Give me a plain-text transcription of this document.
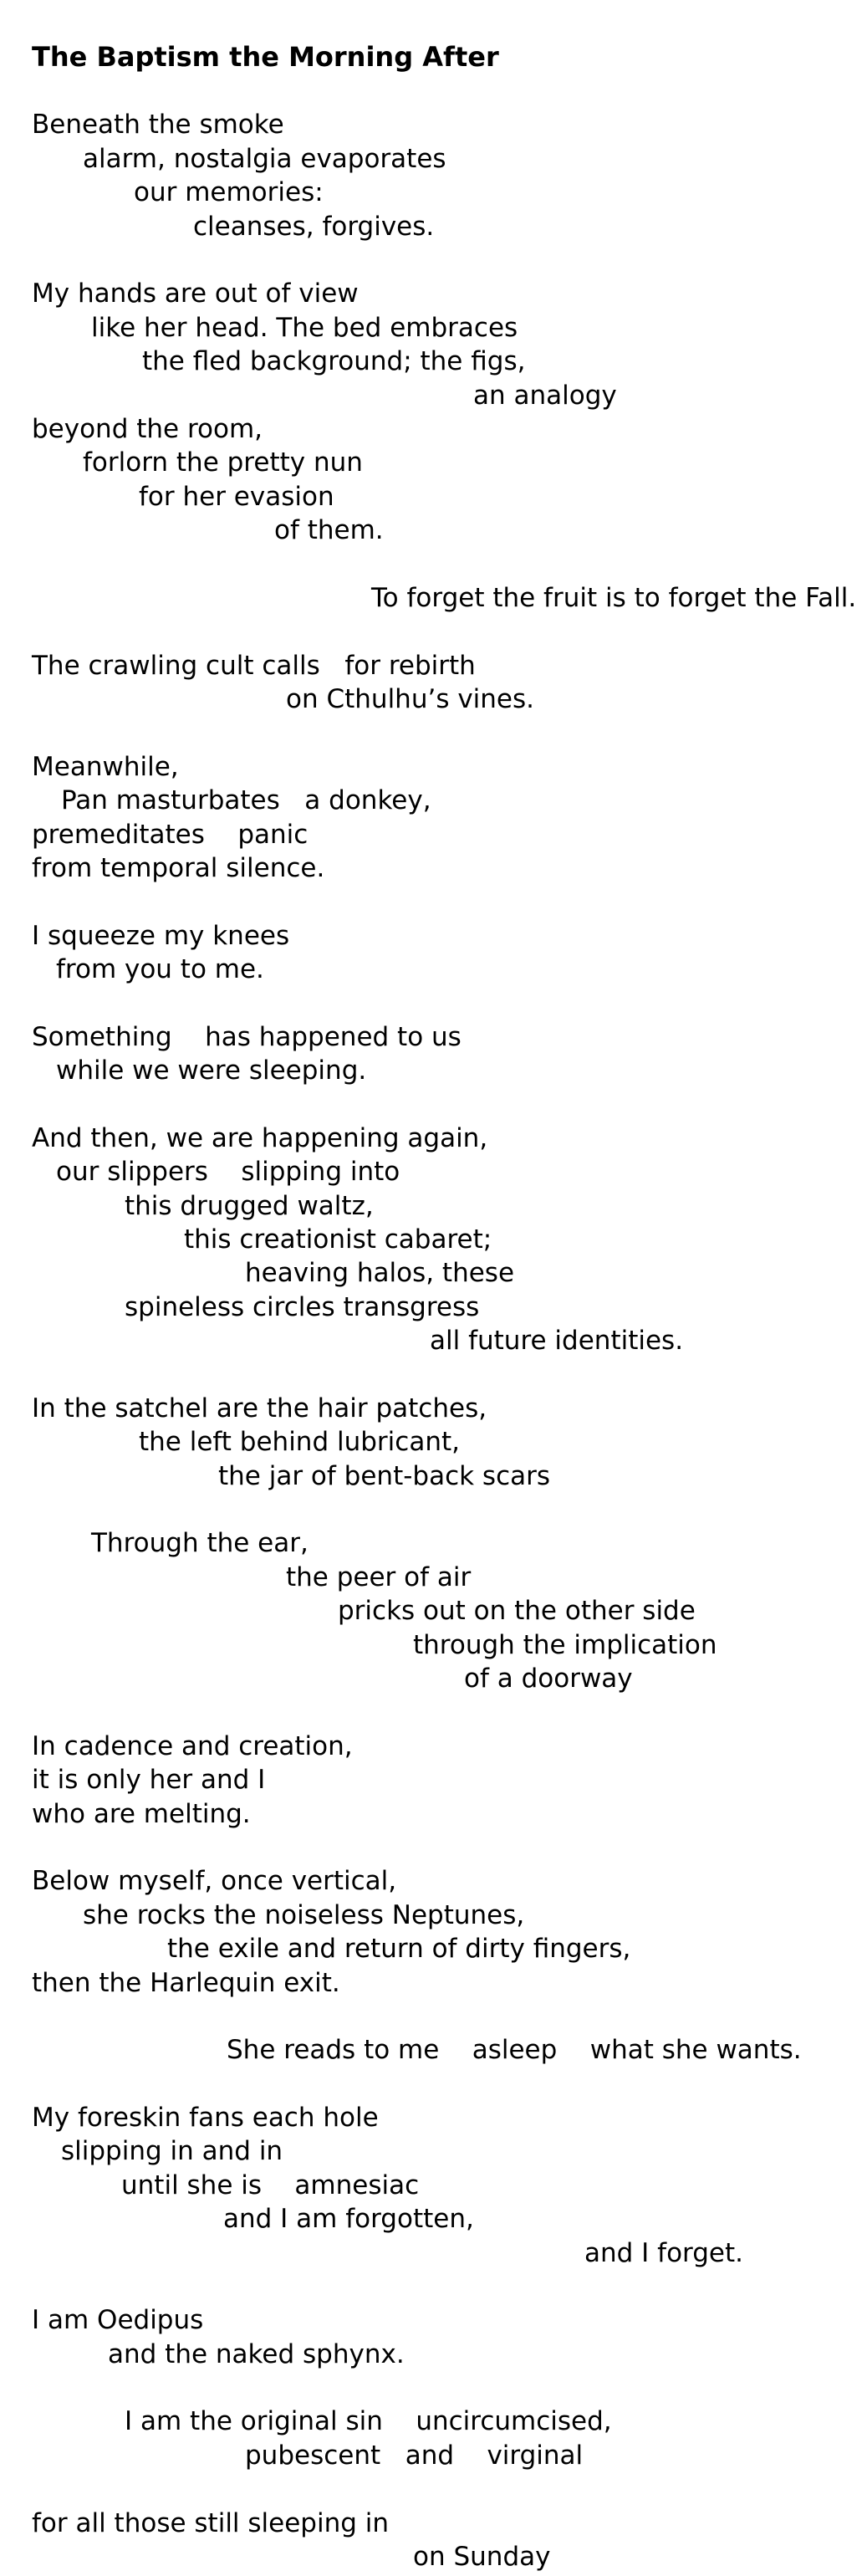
The Baptism the Morning After
Beneath the smoke
alarm, nostalgia evaporates
our memories:
cleanses, forgives.
My hands are out of view
like her head. The bed embraces
the fled background; the figs,
an analogy
beyond the room,
forlorn the pretty nun
for her evasion
of them.
To forget the fruit is to forget the Fall.
The crawling cult calls   for rebirth
on Cthulhu’s vines.
Meanwhile,
Pan masturbates   a donkey,
premeditates    panic
from temporal silence.
I squeeze my knees
from you to me.
Something    has happened to us
while we were sleeping.
And then, we are happening again,
our slippers    slipping into
this drugged waltz,
this creationist cabaret;
heaving halos, these
spineless circles transgress
all future identities.
In the satchel are the hair patches,
the left behind lubricant,
the jar of bent-back scars
Through the ear,
the peer of air
pricks out on the other side
through the implication
of a doorway
In cadence and creation,
it is only her and I
who are melting.
Below myself, once vertical,
she rocks the noiseless Neptunes,
the exile and return of dirty fingers,
then the Harlequin exit.
She reads to me    asleep    what she wants.
My foreskin fans each hole
slipping in and in
until she is    amnesiac
and I am forgotten,
and I forget.
I am Oedipus
and the naked sphynx.
I am the original sin    uncircumcised,
pubescent   and    virginal
for all those still sleeping in
on Sunday
